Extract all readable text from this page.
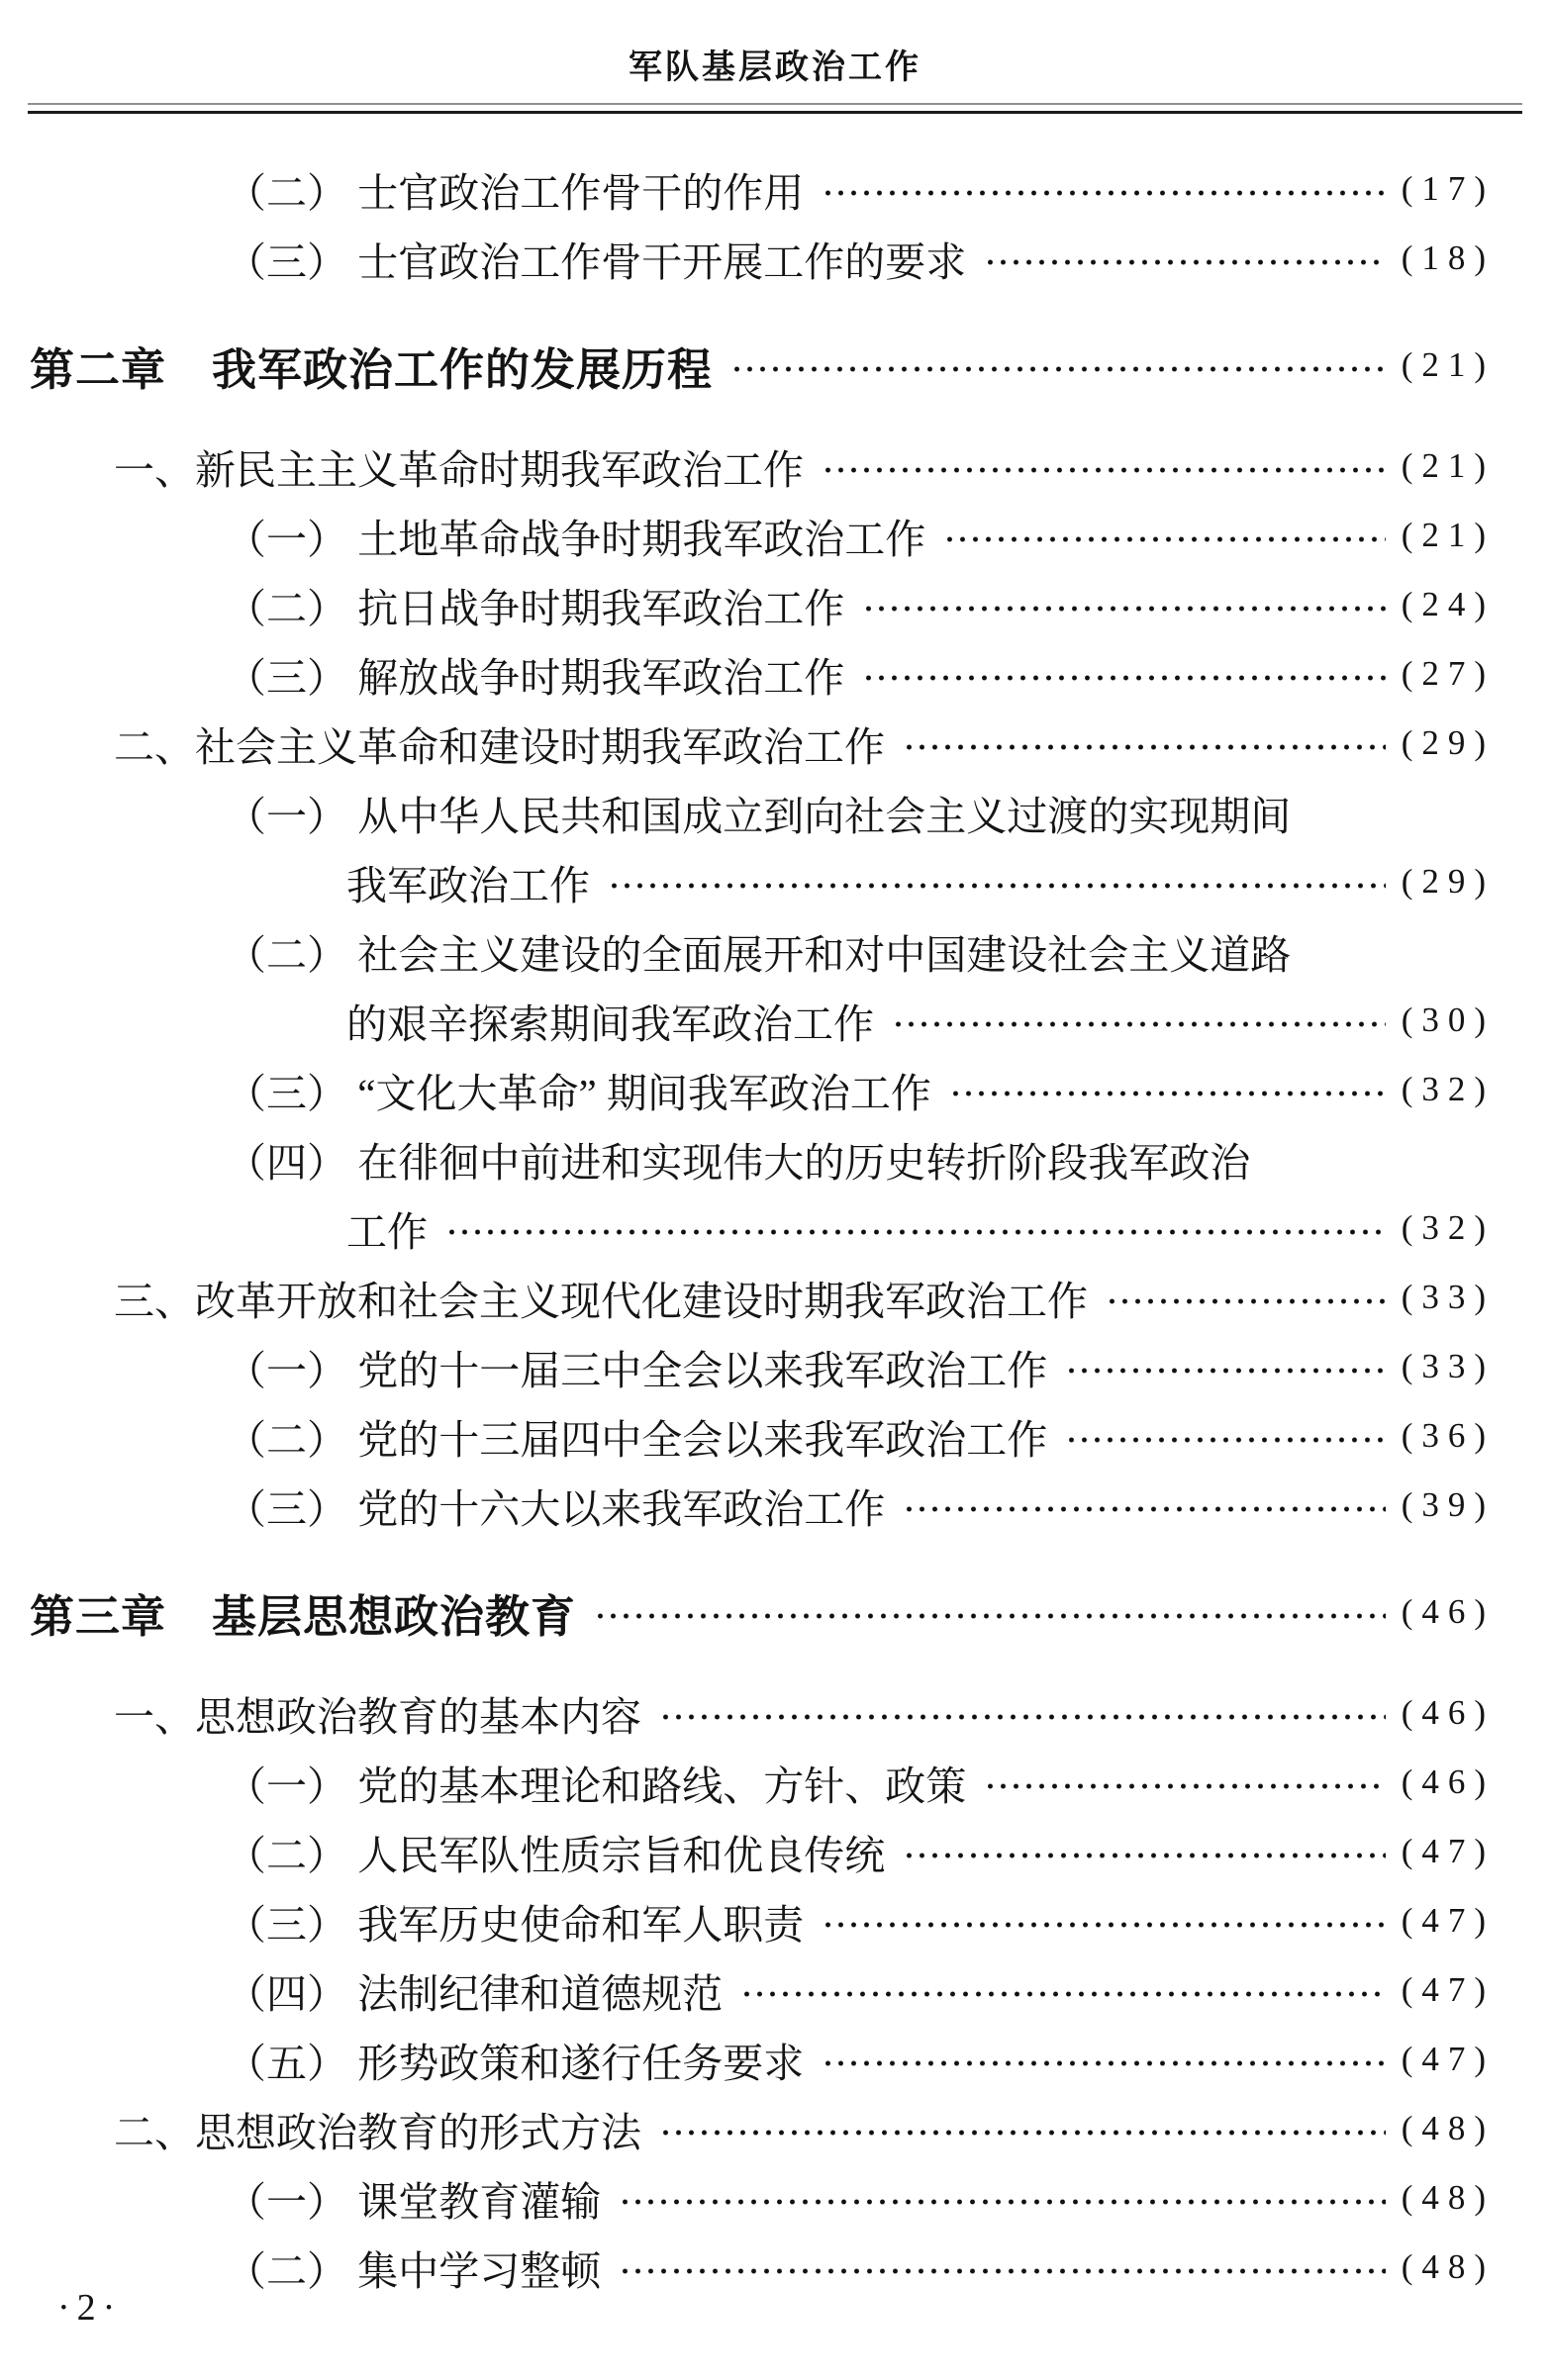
军队基层政治工作
（二） 士官政治工作骨干的作用	(17)
（三） 士官政治工作骨干开展工作的要求	(18)
第二章　我军政治工作的发展历程	(21)
一、新民主主义革命时期我军政治工作	(21)
（一） 土地革命战争时期我军政治工作	(21)
（二） 抗日战争时期我军政治工作	(24)
（三） 解放战争时期我军政治工作	(27)
二、社会主义革命和建设时期我军政治工作	(29)
（一） 从中华人民共和国成立到向社会主义过渡的实现期间
我军政治工作	(29)
（二） 社会主义建设的全面展开和对中国建设社会主义道路
的艰辛探索期间我军政治工作	(30)
（三） “文化大革命” 期间我军政治工作	(32)
（四） 在徘徊中前进和实现伟大的历史转折阶段我军政治
工作	(32)
三、改革开放和社会主义现代化建设时期我军政治工作	(33)
（一） 党的十一届三中全会以来我军政治工作	(33)
（二） 党的十三届四中全会以来我军政治工作	(36)
（三） 党的十六大以来我军政治工作	(39)
第三章　基层思想政治教育	(46)
一、思想政治教育的基本内容	(46)
（一） 党的基本理论和路线、方针、政策	(46)
（二） 人民军队性质宗旨和优良传统	(47)
（三） 我军历史使命和军人职责	(47)
（四） 法制纪律和道德规范	(47)
（五） 形势政策和遂行任务要求	(47)
二、思想政治教育的形式方法	(48)
（一） 课堂教育灌输	(48)
（二） 集中学习整顿	(48)
·2·
